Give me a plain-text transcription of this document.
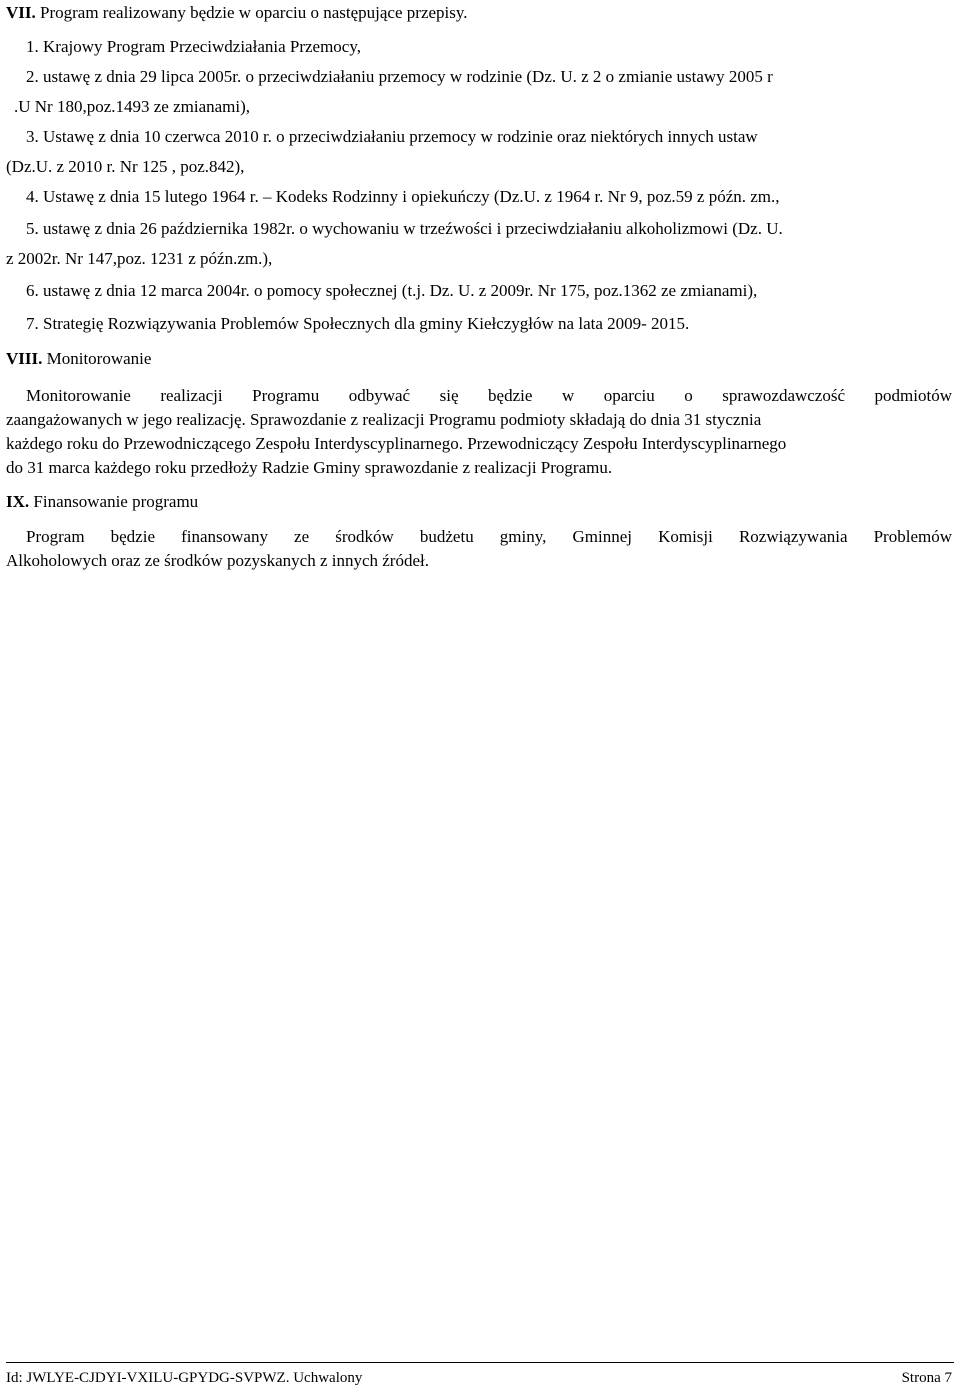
VII. Program realizowany będzie w oparciu o następujące przepisy.
1. Krajowy Program Przeciwdziałania Przemocy,
2. ustawę z dnia 29 lipca 2005r. o przeciwdziałaniu przemocy w rodzinie (Dz. U. z 2 o zmianie ustawy 2005 r
.U Nr 180,poz.1493 ze zmianami),
3. Ustawę z dnia 10 czerwca 2010 r. o przeciwdziałaniu przemocy w rodzinie oraz niektórych innych ustaw
(Dz.U. z 2010 r. Nr 125 , poz.842),
4. Ustawę z dnia 15 lutego 1964 r. – Kodeks Rodzinny i opiekuńczy (Dz.U. z 1964 r. Nr 9, poz.59 z późn. zm.,
5. ustawę z dnia 26 października 1982r. o wychowaniu w trzeźwości i przeciwdziałaniu alkoholizmowi (Dz. U.
z 2002r. Nr 147,poz. 1231 z późn.zm.),
6. ustawę z dnia 12 marca 2004r. o pomocy społecznej (t.j. Dz. U. z 2009r. Nr 175, poz.1362 ze zmianami),
7. Strategię Rozwiązywania Problemów Społecznych dla gminy Kiełczygłów na lata 2009- 2015.
VIII. Monitorowanie
Monitorowanie realizacji Programu odbywać się będzie w oparciu o sprawozdawczość podmiotów
zaangażowanych w jego realizację. Sprawozdanie z realizacji Programu podmioty składają do dnia 31 stycznia
każdego roku do Przewodniczącego Zespołu Interdyscyplinarnego. Przewodniczący Zespołu Interdyscyplinarnego
do 31 marca każdego roku przedłoży Radzie Gminy sprawozdanie z realizacji Programu.
IX. Finansowanie programu
Program będzie finansowany ze środków budżetu gminy, Gminnej Komisji Rozwiązywania Problemów
Alkoholowych oraz ze środków pozyskanych z innych źródeł.
Id: JWLYE-CJDYI-VXILU-GPYDG-SVPWZ. Uchwalony	Strona 7
